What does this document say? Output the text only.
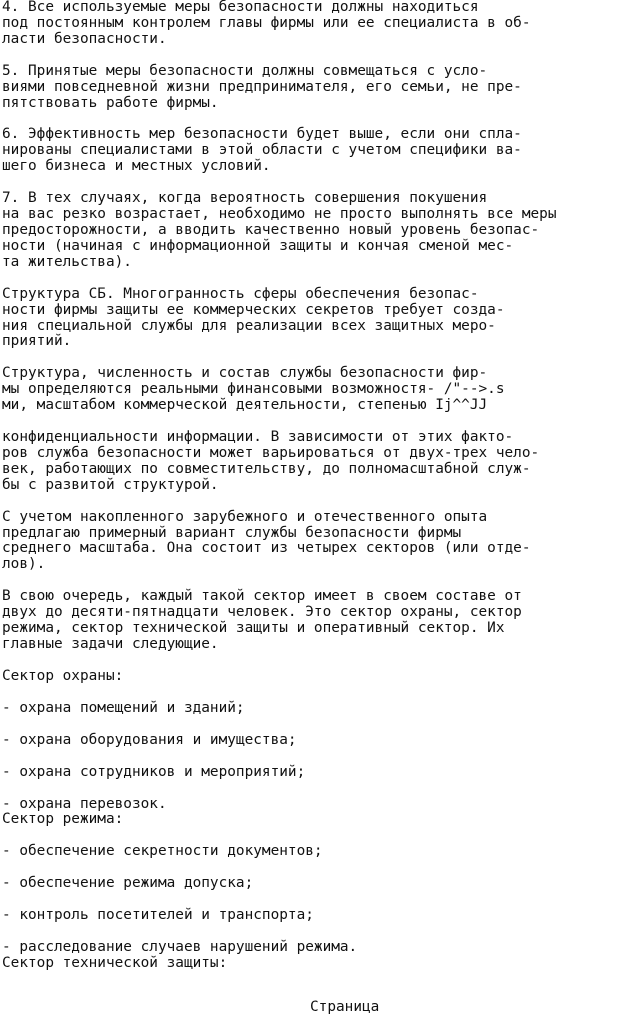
4. Все используемые меры безопасности должны находиться
под постоянным контролем главы фирмы или ее специалиста в об-
ласти безопасности.

5. Принятые меры безопасности должны совмещаться с усло-
виями повседневной жизни предпринимателя, его семьи, не пре-
пятствовать работе фирмы.

6. Эффективность мер безопасности будет выше, если они спла-
нированы специалистами в этой области с учетом специфики ва-
шего бизнеса и местных условий.

7. В тех случаях, когда вероятность совершения покушения
на вас резко возрастает, необходимо не просто выполнять все меры
предосторожности, а вводить качественно новый уровень безопас-
ности (начиная с информационной защиты и кончая сменой мес-
та жительства).

Структура СБ. Многогранность сферы обеспечения безопас-
ности фирмы защиты ее коммерческих секретов требует созда-
ния специальной службы для реализации всех защитных меро-
приятий.

Структура, численность и состав службы безопасности фир-
мы определяются реальными финансовыми возможностя- /"-->.s
ми, масштабом коммерческой деятельности, степенью Ij^^JJ

конфиденциальности информации. В зависимости от этих факто-
ров служба безопасности может варьироваться от двух-трех чело-
век, работающих по совместительству, до полномасштабной служ-
бы с развитой структурой.

С учетом накопленного зарубежного и отечественного опыта
предлагаю примерный вариант службы безопасности фирмы
среднего масштаба. Она состоит из четырех секторов (или отде-
лов).

В свою очередь, каждый такой сектор имеет в своем составе от
двух до десяти-пятнадцати человек. Это сектор охраны, сектор
режима, сектор технической защиты и оперативный сектор. Их
главные задачи следующие.

Сектор охраны:

- охрана помещений и зданий;

- охрана оборудования и имущества;

- охрана сотрудников и мероприятий;

- охрана перевозок.
Сектор режима:

- обеспечение секретности документов;

- обеспечение режима допуска;

- контроль посетителей и транспорта;

- расследование случаев нарушений режима.
Сектор технической защиты:

Страница
